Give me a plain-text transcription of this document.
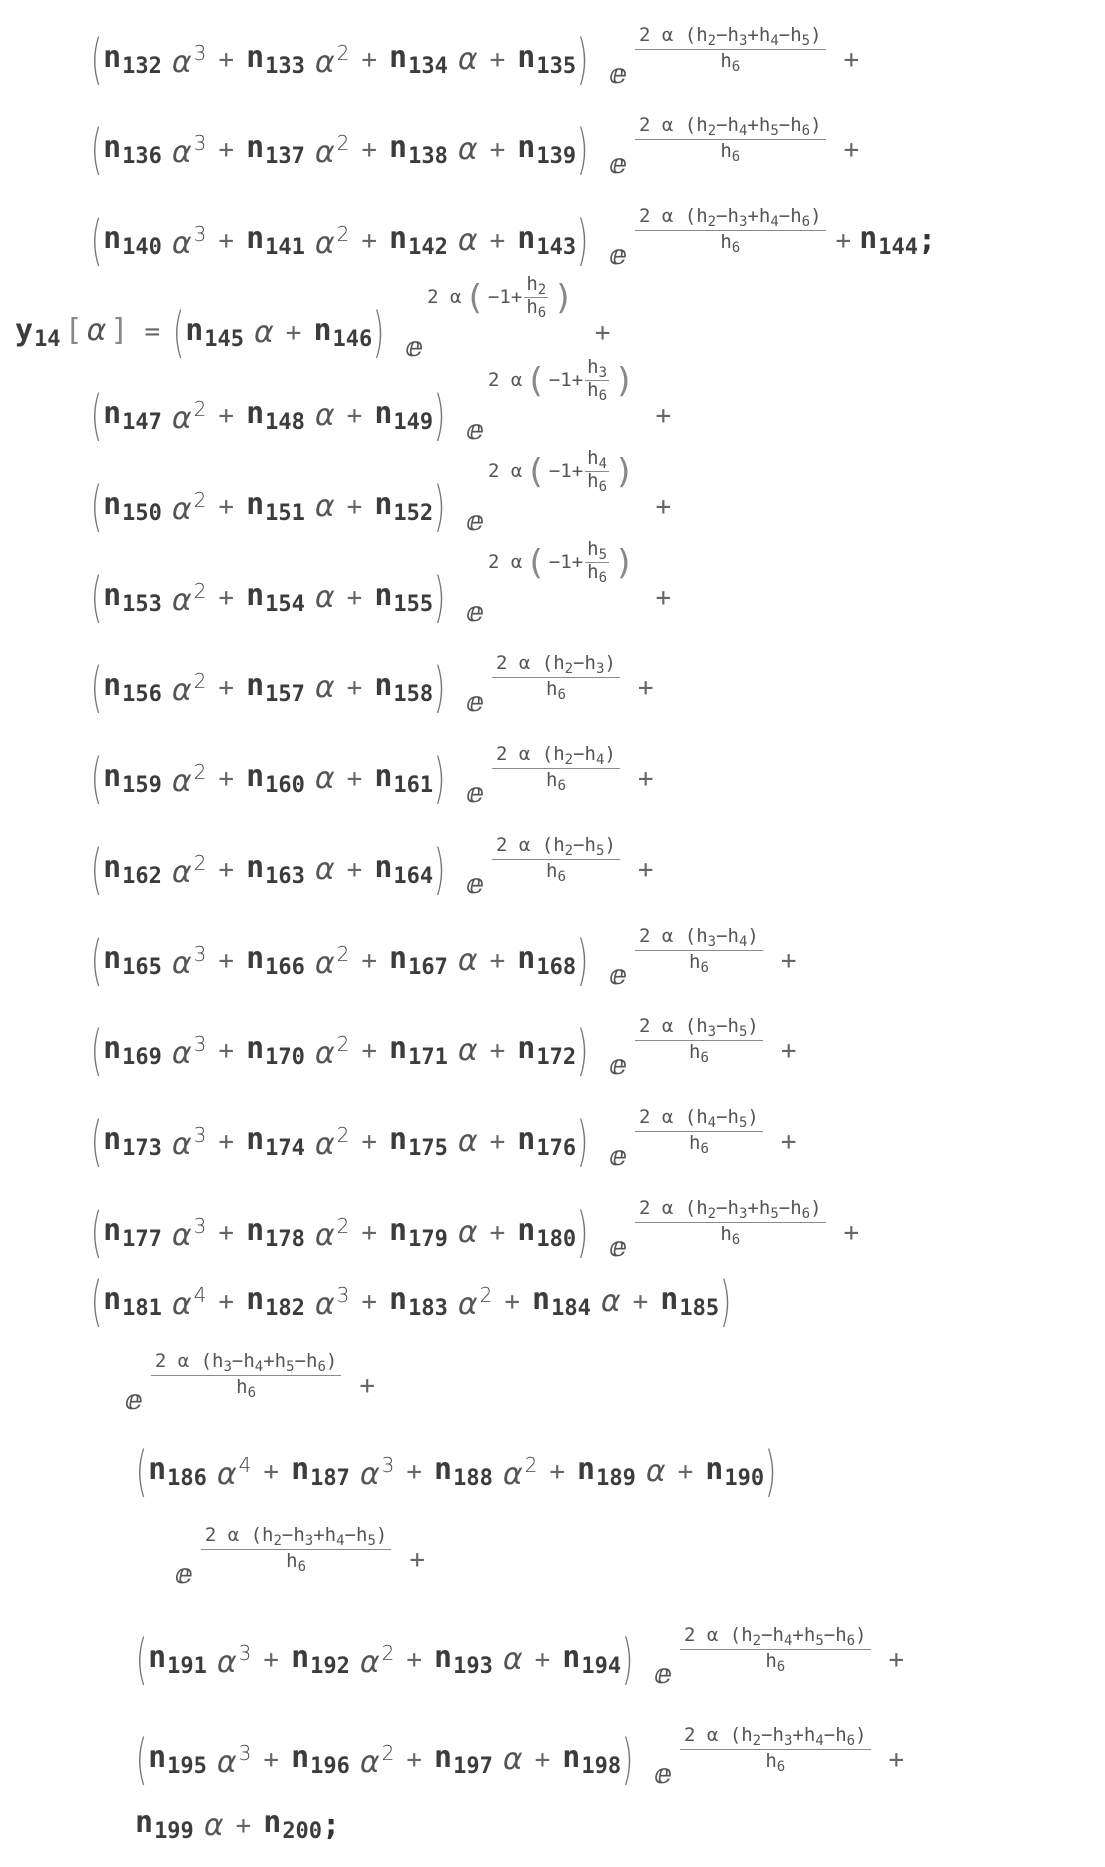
( $n_{132}$ α $^3 + n_{133}$ α $^2 + n_{134}$ $\alpha + n_{135}$ ) ⅇ $\frac{2 \alpha (h_2-h_3+h_4-h_5)}{h_6}$ +
( $n_{136}$ α $^3 + n_{137}$ α $^2 + n_{138}$ $\alpha + n_{139}$ ) ⅇ $\frac{2 \alpha (h_2-h_4+h_5-h_6)}{h_6}$ +
( $n_{140}$ α $^3 + n_{141}$ α $^2 + n_{142}$ $\alpha + n_{143}$ ) ⅇ $\frac{2 \alpha (h_2-h_3+h_4-h_6)}{h_6} + n_{144}$ ;
$y_{14}$ [ α ] = ( $n_{145}$ $\alpha + n_{146}$ ) ⅇ
2 α ( −1+
$h_2$
$h_6$ )
+
( $n_{147}$ α $^2 + n_{148}$ $\alpha + n_{149}$ ) ⅇ
2 α ( −1+
$h_3$
$h_6$ )
+
( $n_{150}$ α $^2 + n_{151}$ $\alpha + n_{152}$ ) ⅇ
2 α ( −1+
$h_4$
$h_6$ )
+
( $n_{153}$ α $^2 + n_{154}$ $\alpha + n_{155}$ ) ⅇ
2 α ( −1+
$h_5$
$h_6$ )
+
( $n_{156}$ α $^2 + n_{157}$ $\alpha + n_{158}$ ) ⅇ $\frac{2 \alpha (h_2-h_3)}{h_6}$ +
( $n_{159}$ α $^2 + n_{160}$ $\alpha + n_{161}$ ) ⅇ $\frac{2 \alpha (h_2-h_4)}{h_6}$ +
( $n_{162}$ α $^2 + n_{163}$ $\alpha + n_{164}$ ) ⅇ $\frac{2 \alpha (h_2-h_5)}{h_6}$ +
( $n_{165}$ α $^3 + n_{166}$ α $^2 + n_{167}$ $\alpha + n_{168}$ ) ⅇ $\frac{2 \alpha (h_3-h_4)}{h_6}$ +
( $n_{169}$ α $^3 + n_{170}$ α $^2 + n_{171}$ $\alpha + n_{172}$ ) ⅇ $\frac{2 \alpha (h_3-h_5)}{h_6}$ +
( $n_{173}$ α $^3 + n_{174}$ α $^2 + n_{175}$ $\alpha + n_{176}$ ) ⅇ $\frac{2 \alpha (h_4-h_5)}{h_6}$ +
( $n_{177}$ α $^3 + n_{178}$ α $^2 + n_{179}$ $\alpha + n_{180}$ ) ⅇ $\frac{2 \alpha (h_2-h_3+h_5-h_6)}{h_6}$ +
( $n_{181}$ α $^4 + n_{182}$ α $^3 + n_{183}$ α $^2 + n_{184}$ $\alpha + n_{185}$ )
ⅇ $\frac{2 \alpha (h_3-h_4+h_5-h_6)}{h_6}$ +
( $n_{186}$ α $^4 + n_{187}$ α $^3 + n_{188}$ α $^2 + n_{189}$ $\alpha + n_{190}$ )
ⅇ $\frac{2 \alpha (h_2-h_3+h_4-h_5)}{h_6}$ +
( $n_{191}$ α $^3 + n_{192}$ α $^2 + n_{193}$ $\alpha + n_{194}$ ) ⅇ $\frac{2 \alpha (h_2-h_4+h_5-h_6)}{h_6}$ +
( $n_{195}$ α $^3 + n_{196}$ α $^2 + n_{197}$ $\alpha + n_{198}$ ) ⅇ $\frac{2 \alpha (h_2-h_3+h_4-h_6)}{h_6}$ +
$n_{199}$ $\alpha + n_{200}$ ;
